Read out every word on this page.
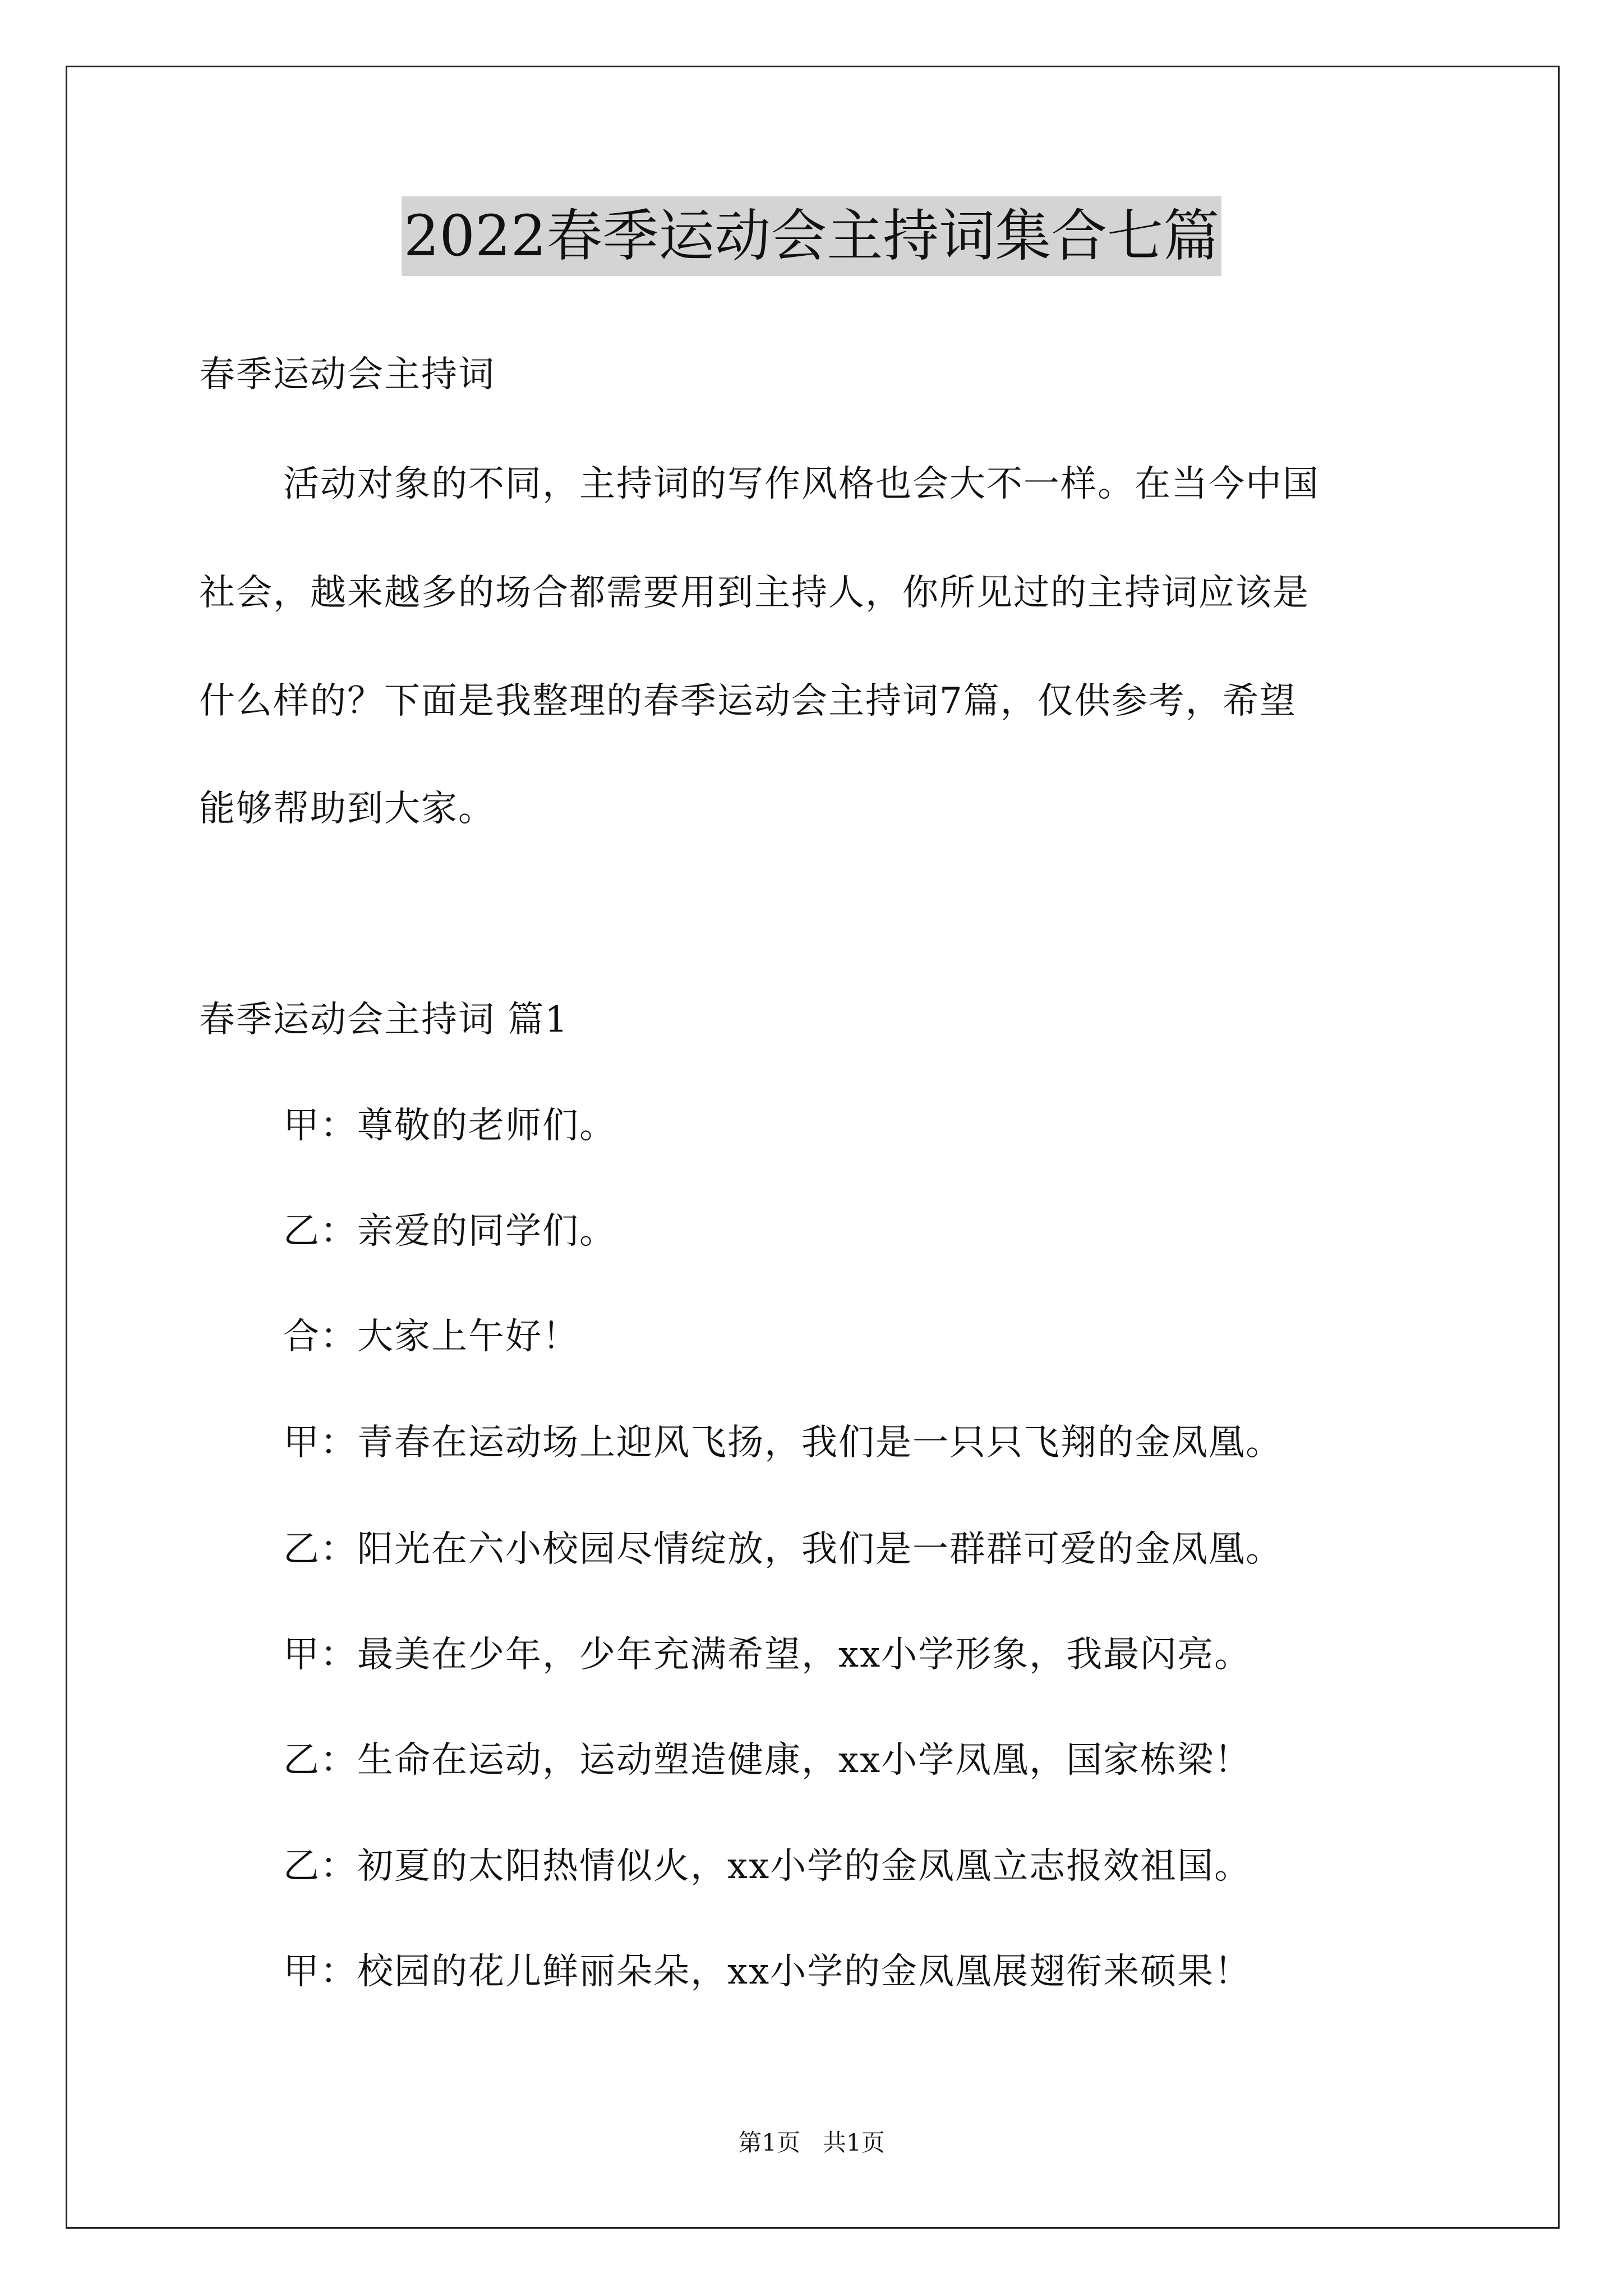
2022春季运动会主持词集合七篇
春季运动会主持词
活动对象的不同，主持词的写作风格也会大不一样。在当今中国
社会，越来越多的场合都需要用到主持人，你所见过的主持词应该是
什么样的？下面是我整理的春季运动会主持词7篇，仅供参考，希望
能够帮助到大家。
春季运动会主持词 篇1
甲：尊敬的老师们。
乙：亲爱的同学们。
合：大家上午好！
甲：青春在运动场上迎风飞扬，我们是一只只飞翔的金凤凰。
乙：阳光在六小校园尽情绽放，我们是一群群可爱的金凤凰。
甲：最美在少年，少年充满希望，xx小学形象，我最闪亮。
乙：生命在运动，运动塑造健康，xx小学凤凰，国家栋梁！
乙：初夏的太阳热情似火，xx小学的金凤凰立志报效祖国。
甲：校园的花儿鲜丽朵朵，xx小学的金凤凰展翅衔来硕果！
第1页   共1页
